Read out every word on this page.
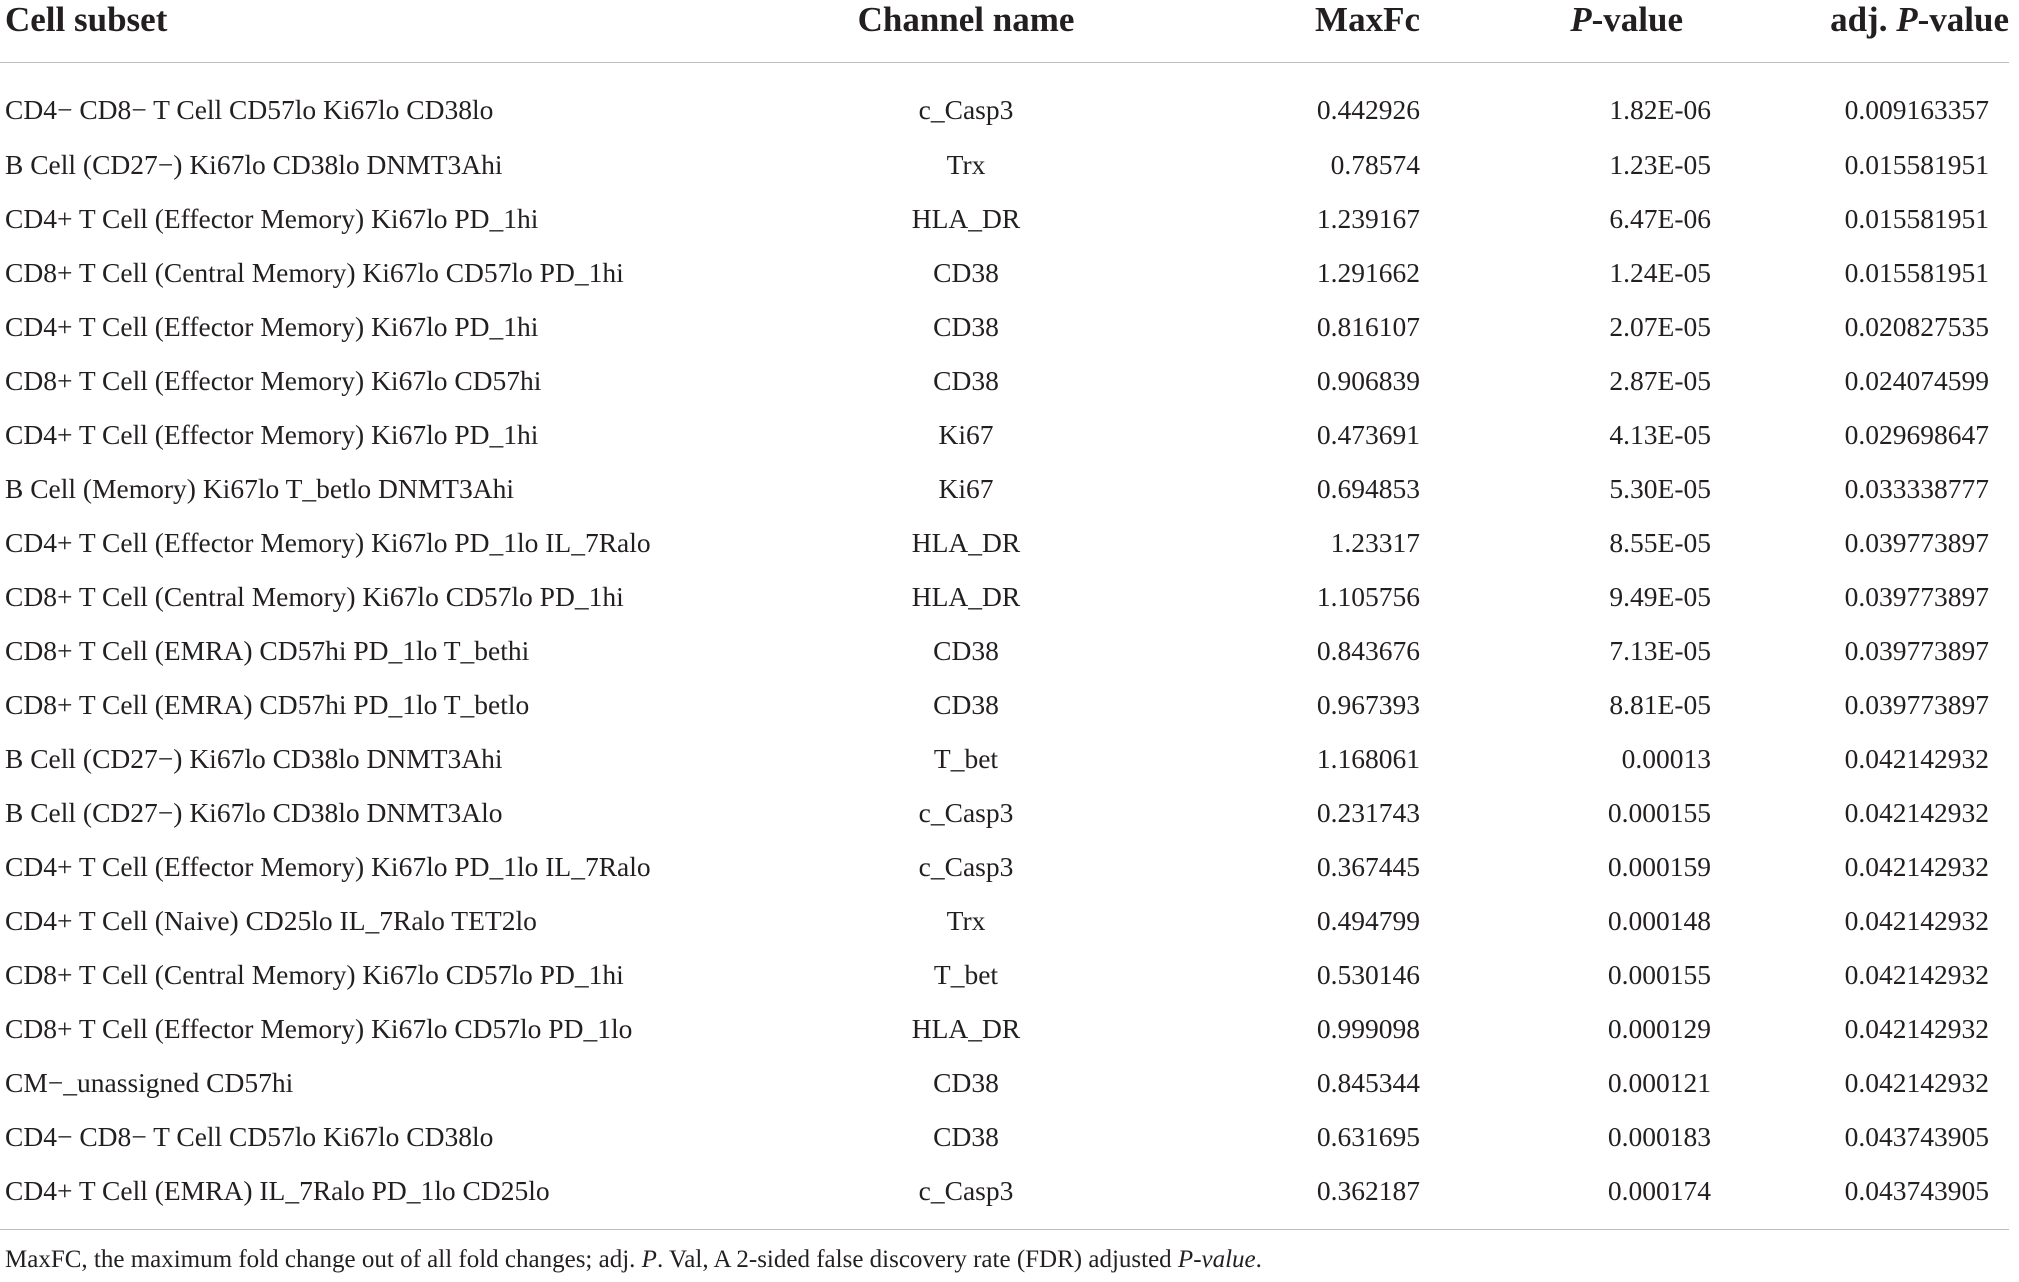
Cell subset	Channel name	MaxFc	P-value	adj. P-value
CD4− CD8− T Cell CD57lo Ki67lo CD38lo	c_Casp3	0.442926	1.82E-06	0.009163357
B Cell (CD27−) Ki67lo CD38lo DNMT3Ahi	Trx	0.78574	1.23E-05	0.015581951
CD4+ T Cell (Effector Memory) Ki67lo PD_1hi	HLA_DR	1.239167	6.47E-06	0.015581951
CD8+ T Cell (Central Memory) Ki67lo CD57lo PD_1hi	CD38	1.291662	1.24E-05	0.015581951
CD4+ T Cell (Effector Memory) Ki67lo PD_1hi	CD38	0.816107	2.07E-05	0.020827535
CD8+ T Cell (Effector Memory) Ki67lo CD57hi	CD38	0.906839	2.87E-05	0.024074599
CD4+ T Cell (Effector Memory) Ki67lo PD_1hi	Ki67	0.473691	4.13E-05	0.029698647
B Cell (Memory) Ki67lo T_betlo DNMT3Ahi	Ki67	0.694853	5.30E-05	0.033338777
CD4+ T Cell (Effector Memory) Ki67lo PD_1lo IL_7Ralo	HLA_DR	1.23317	8.55E-05	0.039773897
CD8+ T Cell (Central Memory) Ki67lo CD57lo PD_1hi	HLA_DR	1.105756	9.49E-05	0.039773897
CD8+ T Cell (EMRA) CD57hi PD_1lo T_bethi	CD38	0.843676	7.13E-05	0.039773897
CD8+ T Cell (EMRA) CD57hi PD_1lo T_betlo	CD38	0.967393	8.81E-05	0.039773897
B Cell (CD27−) Ki67lo CD38lo DNMT3Ahi	T_bet	1.168061	0.00013	0.042142932
B Cell (CD27−) Ki67lo CD38lo DNMT3Alo	c_Casp3	0.231743	0.000155	0.042142932
CD4+ T Cell (Effector Memory) Ki67lo PD_1lo IL_7Ralo	c_Casp3	0.367445	0.000159	0.042142932
CD4+ T Cell (Naive) CD25lo IL_7Ralo TET2lo	Trx	0.494799	0.000148	0.042142932
CD8+ T Cell (Central Memory) Ki67lo CD57lo PD_1hi	T_bet	0.530146	0.000155	0.042142932
CD8+ T Cell (Effector Memory) Ki67lo CD57lo PD_1lo	HLA_DR	0.999098	0.000129	0.042142932
CM−_unassigned CD57hi	CD38	0.845344	0.000121	0.042142932
CD4− CD8− T Cell CD57lo Ki67lo CD38lo	CD38	0.631695	0.000183	0.043743905
CD4+ T Cell (EMRA) IL_7Ralo PD_1lo CD25lo	c_Casp3	0.362187	0.000174	0.043743905
MaxFC, the maximum fold change out of all fold changes; adj. P. Val, A 2-sided false discovery rate (FDR) adjusted P-value.
